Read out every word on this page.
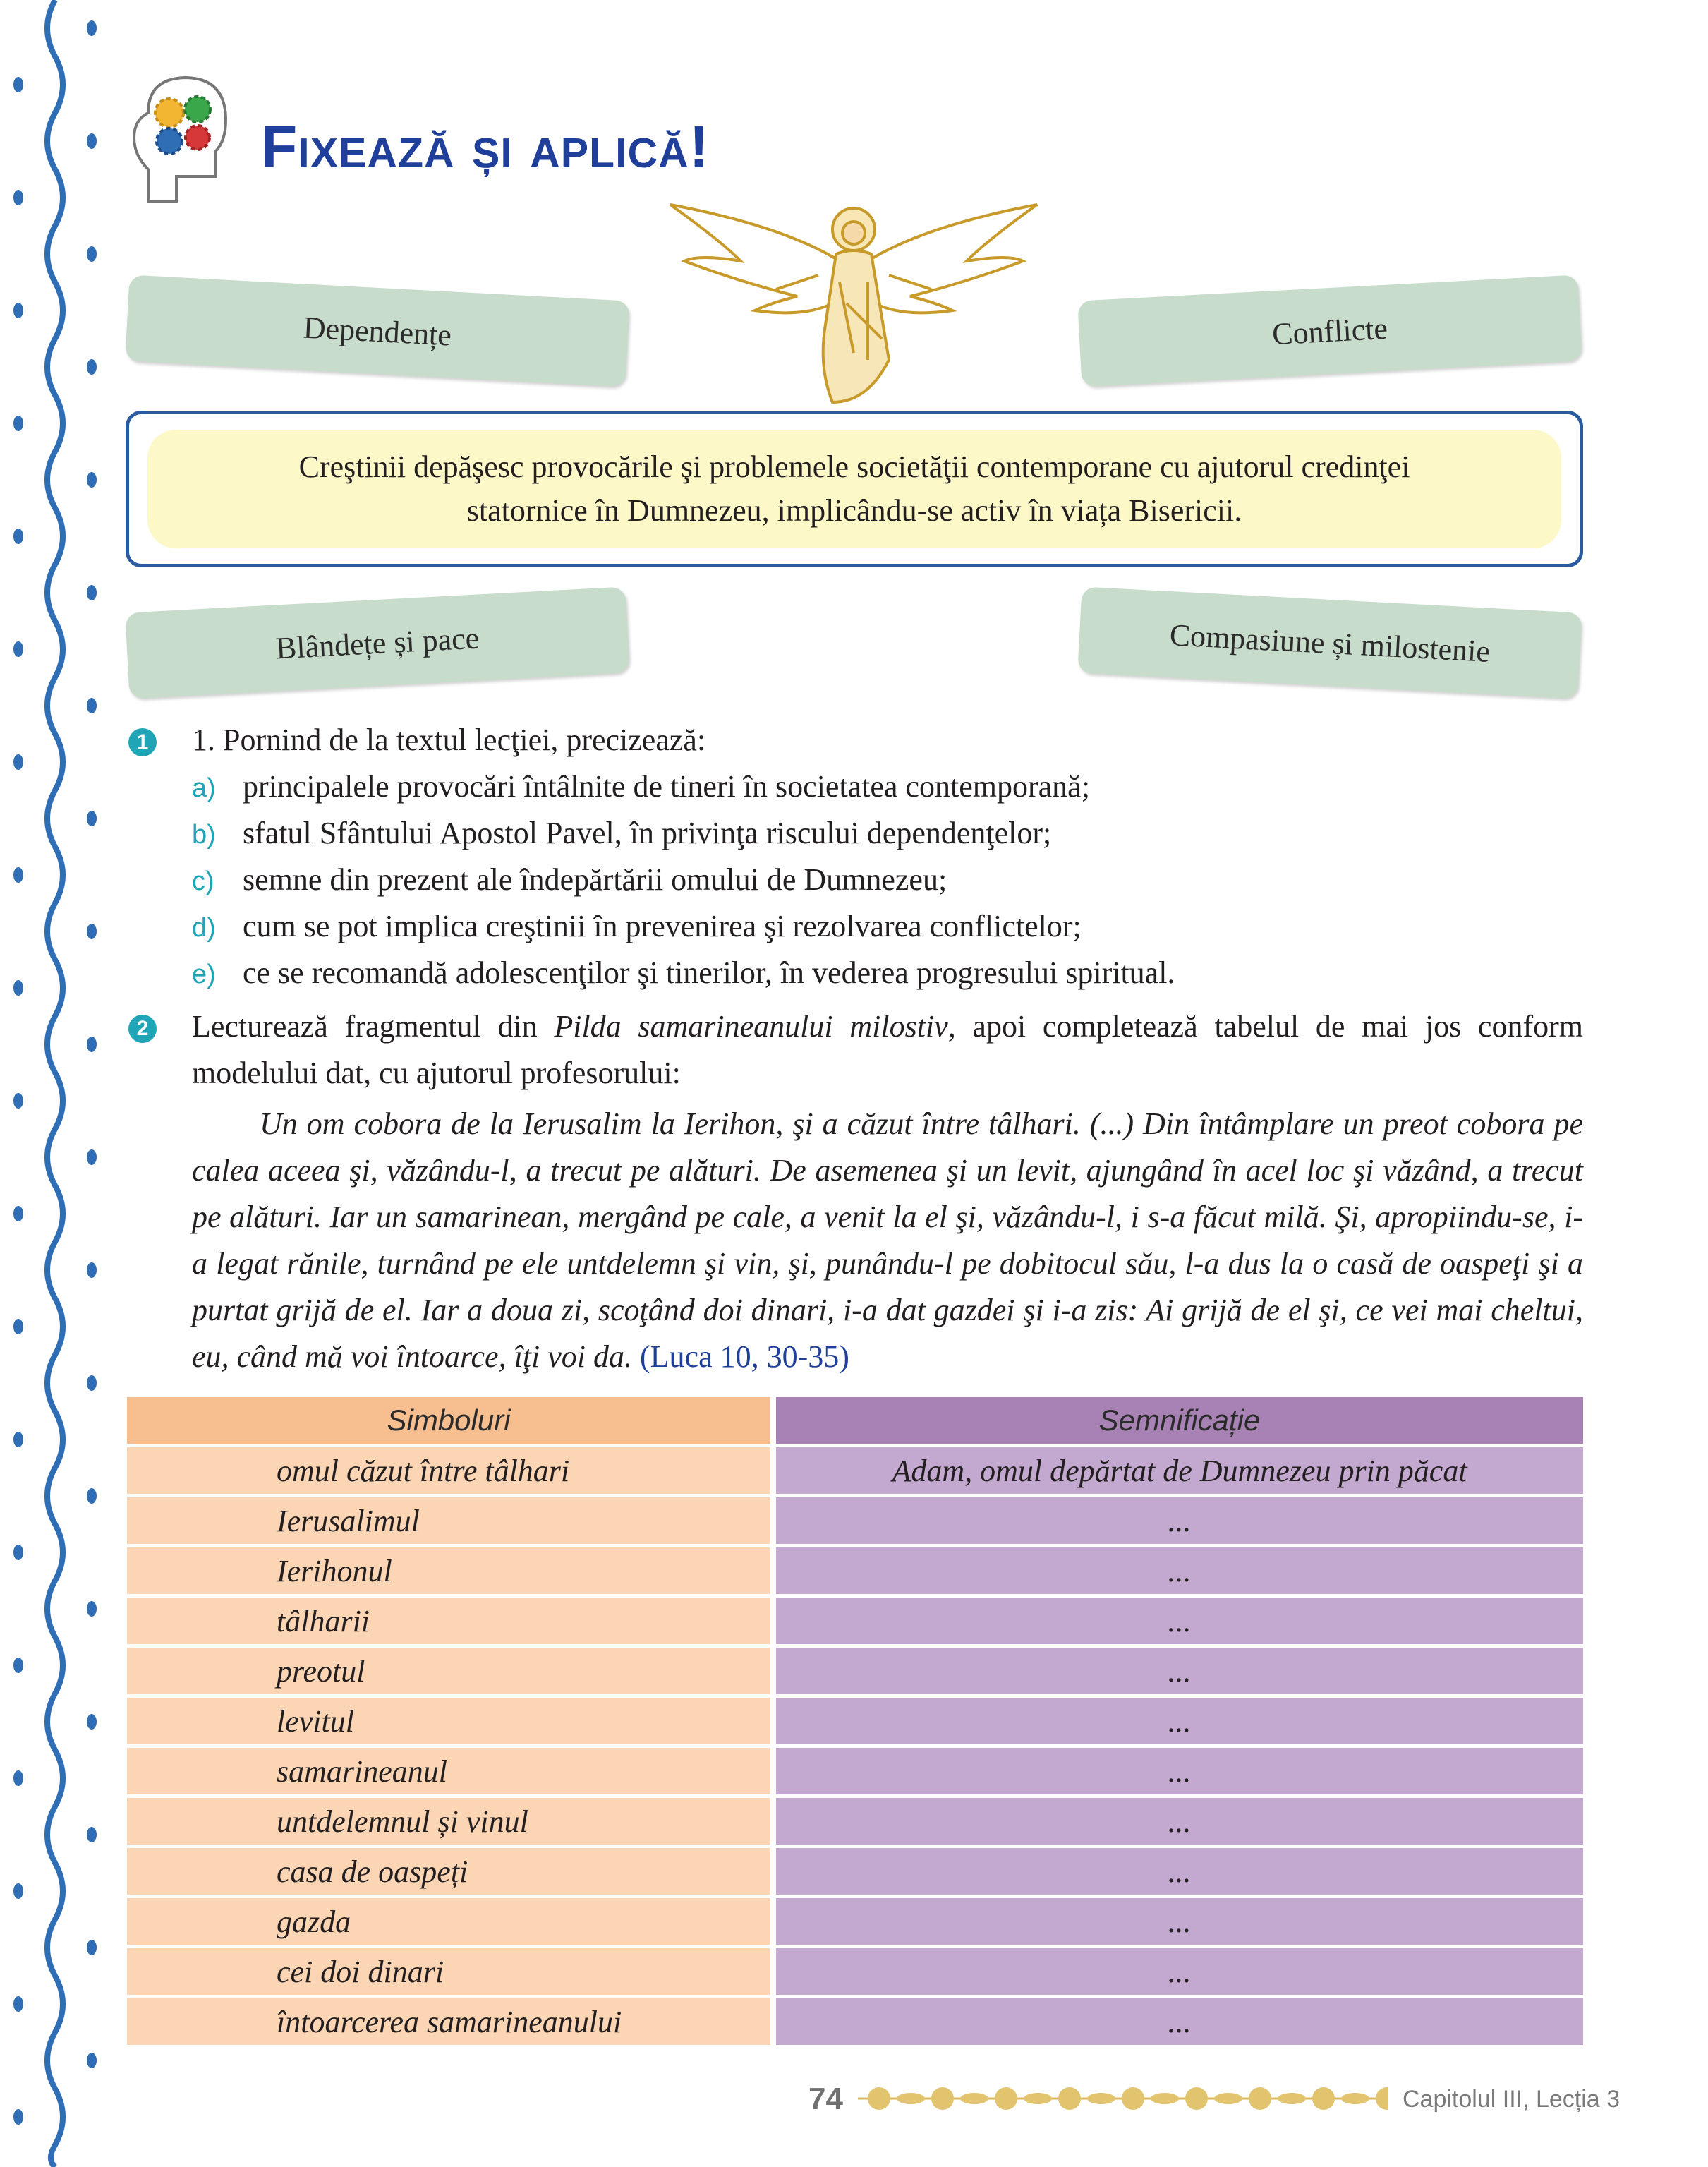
Fixează și aplică!
Dependențe	Conflicte
Creştinii depăşesc provocările şi problemele societăţii contemporane cu ajutorul credinţei statornice în Dumnezeu, implicându-se activ în viața Bisericii.
Blândețe și pace	Compasiune și milostenie
1 1. Pornind de la textul lecţiei, precizează:
a) principalele provocări întâlnite de tineri în societatea contemporană;
b) sfatul Sfântului Apostol Pavel, în privinţa riscului dependenţelor;
c) semne din prezent ale îndepărtării omului de Dumnezeu;
d) cum se pot implica creştinii în prevenirea şi rezolvarea conflictelor;
e) ce se recomandă adolescenţilor şi tinerilor, în vederea progresului spiritual.
2 Lecturează fragmentul din Pilda samarineanului milostiv, apoi completează tabelul de mai jos conform modelului dat, cu ajutorul profesorului:
Un om cobora de la Ierusalim la Ierihon, şi a căzut între tâlhari. (...) Din întâmplare un preot cobora pe calea aceea şi, văzându-l, a trecut pe alături. De asemenea şi un levit, ajungând în acel loc şi văzând, a trecut pe alături. Iar un samarinean, mergând pe cale, a venit la el şi, văzându-l, i s-a făcut milă. Şi, apropiindu-se, i-a legat rănile, turnând pe ele untdelemn şi vin, şi, punându-l pe dobitocul său, l-a dus la o casă de oaspeţi şi a purtat grijă de el. Iar a doua zi, scoţând doi dinari, i-a dat gazdei şi i-a zis: Ai grijă de el şi, ce vei mai cheltui, eu, când mă voi întoarce, îţi voi da. (Luca 10, 30-35)
Simboluri	Semnificație
omul căzut între tâlhari	Adam, omul depărtat de Dumnezeu prin păcat
Ierusalimul	...
Ierihonul	...
tâlharii	...
preotul	...
levitul	...
samarineanul	...
untdelemnul și vinul	...
casa de oaspeți	...
gazda	...
cei doi dinari	...
întoarcerea samarineanului	...
74	Capitolul III, Lecția 3
